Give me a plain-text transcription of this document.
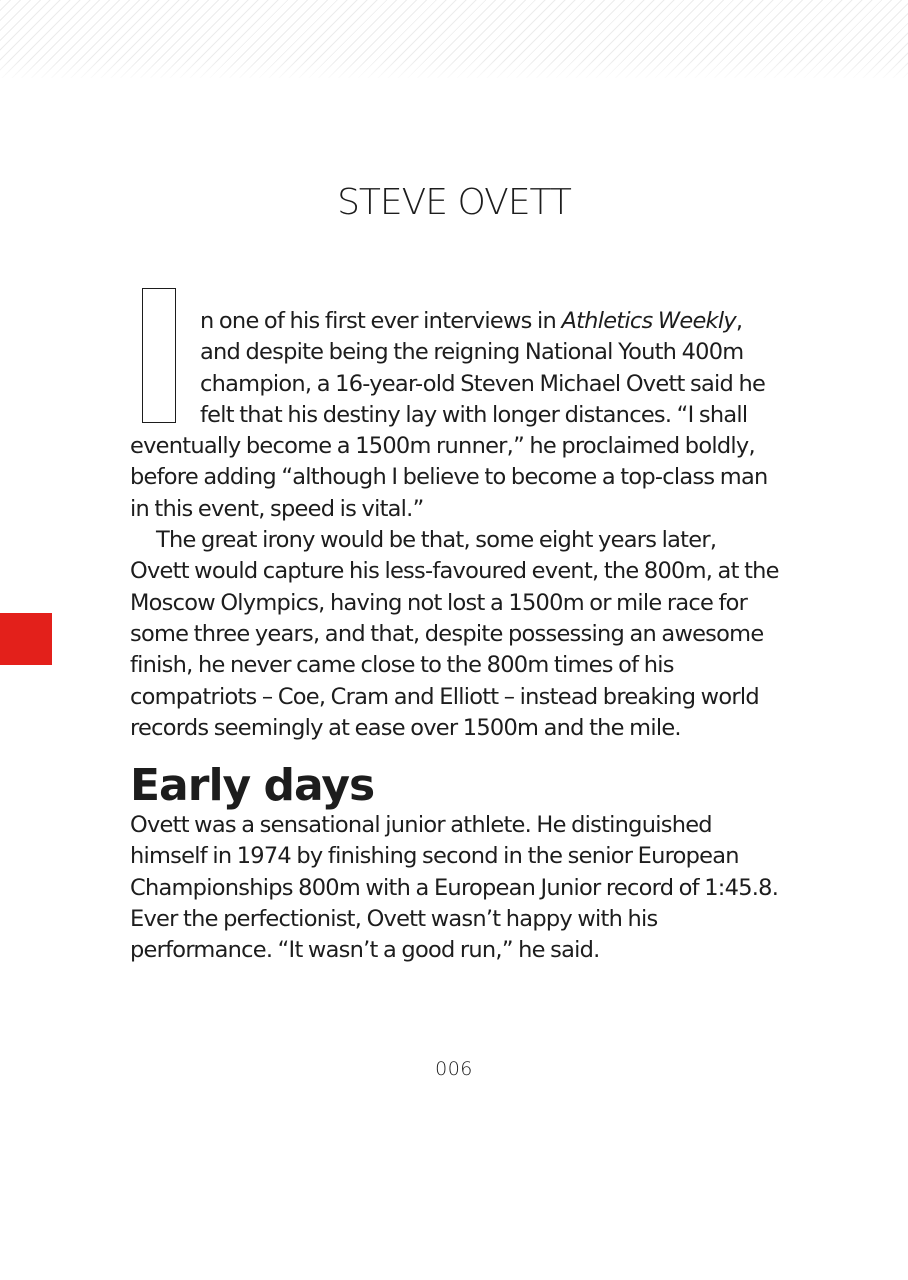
STEVE OVETT

n one of his first ever interviews in Athletics Weekly, and despite being the reigning National Youth 400m champion, a 16-year-old Steven Michael Ovett said he felt that his destiny lay with longer distances. “I shall eventually become a 1500m runner,” he proclaimed boldly, before adding “although I believe to become a top-class man in this event, speed is vital.”

The great irony would be that, some eight years later, Ovett would capture his less-favoured event, the 800m, at the Moscow Olympics, having not lost a 1500m or mile race for some three years, and that, despite possessing an awesome finish, he never came close to the 800m times of his compatriots – Coe, Cram and Elliott – instead breaking world records seemingly at ease over 1500m and the mile.

Early days

Ovett was a sensational junior athlete. He distinguished himself in 1974 by finishing second in the senior European Championships 800m with a European Junior record of 1:45.8. Ever the perfectionist, Ovett wasn’t happy with his performance. “It wasn’t a good run,” he said.

006
